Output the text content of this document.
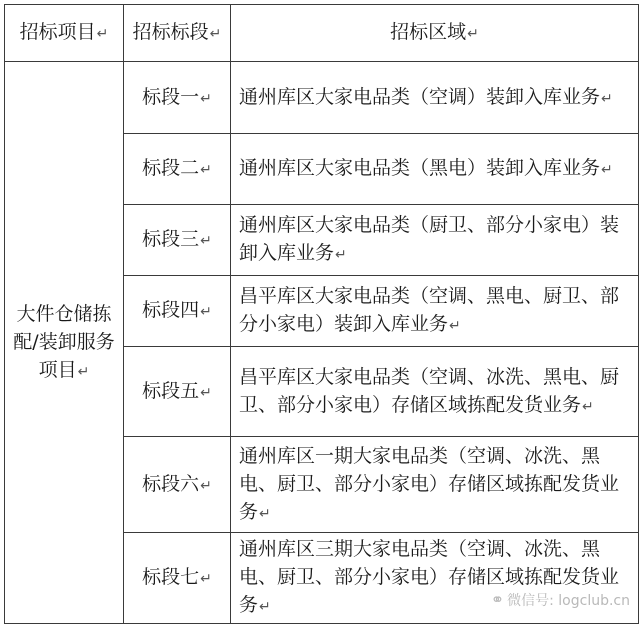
招标项目↵	招标标段↵	招标区域↵
大件仓储拣配/装卸服务项目↵	标段一↵	通州库区大家电品类（空调）装卸入库业务↵
	标段二↵	通州库区大家电品类（黑电）装卸入库业务↵
	标段三↵	通州库区大家电品类（厨卫、部分小家电）装卸入库业务↵
	标段四↵	昌平库区大家电品类（空调、黑电、厨卫、部分小家电）装卸入库业务↵
	标段五↵	昌平库区大家电品类（空调、冰洗、黑电、厨卫、部分小家电）存储区域拣配发货业务↵
	标段六↵	通州库区一期大家电品类（空调、冰洗、黑电、厨卫、部分小家电）存储区域拣配发货业务↵
	标段七↵	通州库区三期大家电品类（空调、冰洗、黑电、厨卫、部分小家电）存储区域拣配发货业务↵	⚭ 微信号: logclub.cn
